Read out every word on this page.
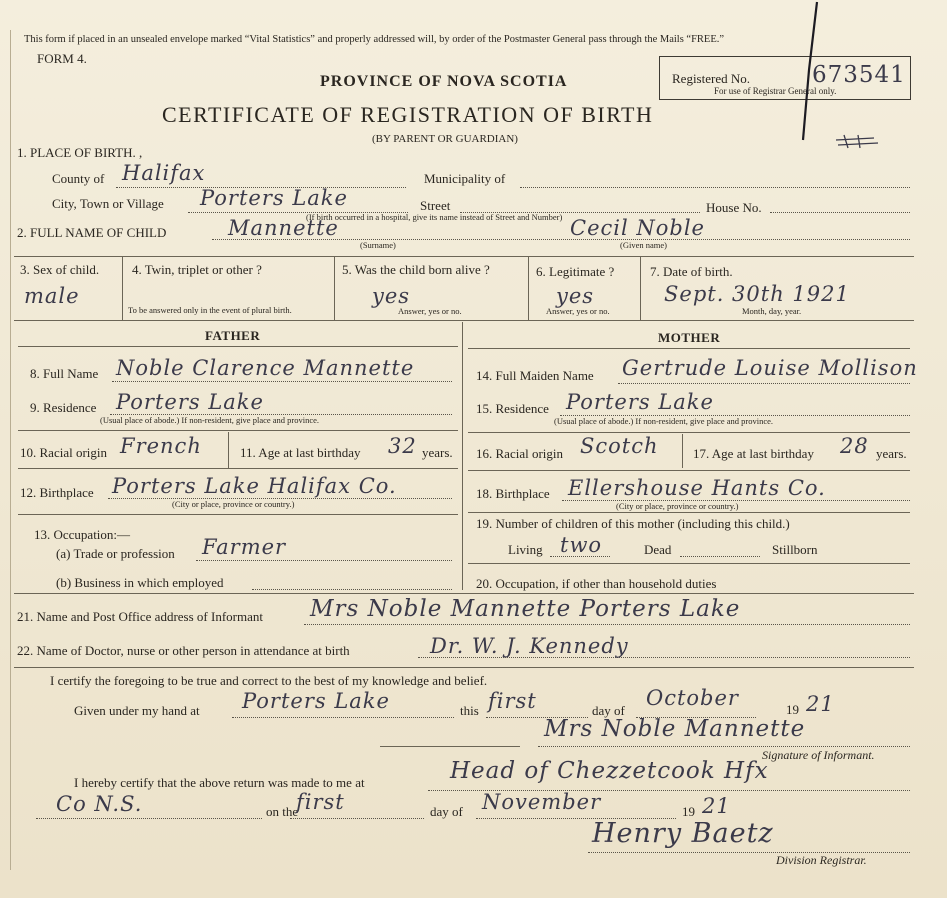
This form if placed in an unsealed envelope marked “Vital Statistics” and properly addressed will, by order of the Postmaster General pass through the Mails “FREE.”
FORM 4.
PROVINCE OF NOVA SCOTIA
CERTIFICATE OF REGISTRATION OF BIRTH
(BY PARENT OR GUARDIAN)
Registered No.	673541
For use of Registrar General only.
1. PLACE OF BIRTH. ,
County of Halifax	Municipality of
City, Town or Village Porters Lake	Street	House No.
(If birth occurred in a hospital, give its name instead of Street and Number)
2. FULL NAME OF CHILD	Mannette
(Surname)
Cecil Noble
(Given name)
3. Sex of child.
male
4. Twin, triplet or other ?
To be answered only in the event of plural birth.
5. Was the child born alive ?
yes
Answer, yes or no.
6. Legitimate ?
yes
Answer, yes or no.
7. Date of birth.
Sept. 30th 1921
Month, day, year.
FATHER	MOTHER
8. Full Name Noble Clarence Mannette	14. Full Maiden Name Gertrude Louise Mollison
9. Residence Porters Lake
(Usual place of abode.) If non-resident, give place and province.
15. Residence Porters Lake
(Usual place of abode.) If non-resident, give place and province.
10. Racial origin French	11. Age at last birthday 32 years. 16. Racial origin Scotch	17. Age at last birthday 28 years.
12. Birthplace Porters Lake Halifax Co.
(City or place, province or country.)
18. Birthplace Ellershouse Hants Co.
(City or place, province or country.)
13. Occupation:—
(a) Trade or profession Farmer
(b) Business in which employed
19. Number of children of this mother (including this child.)
Living two	Dead	Stillborn
20. Occupation, if other than household duties
21. Name and Post Office address of Informant Mrs Noble Mannette Porters Lake
22. Name of Doctor, nurse or other person in attendance at birth	Dr. W. J. Kennedy
I certify the foregoing to be true and correct to the best of my knowledge and belief.
Given under my hand at Porters Lake	this first	day of
October	19 21
Mrs Noble Mannette
Signature of Informant.
I hereby certify that the above return was made to me at	Head of Chezzetcook Hfx
Co N.S.	on the
first	day of November	19 21
Henry Baetz
Division Registrar.
